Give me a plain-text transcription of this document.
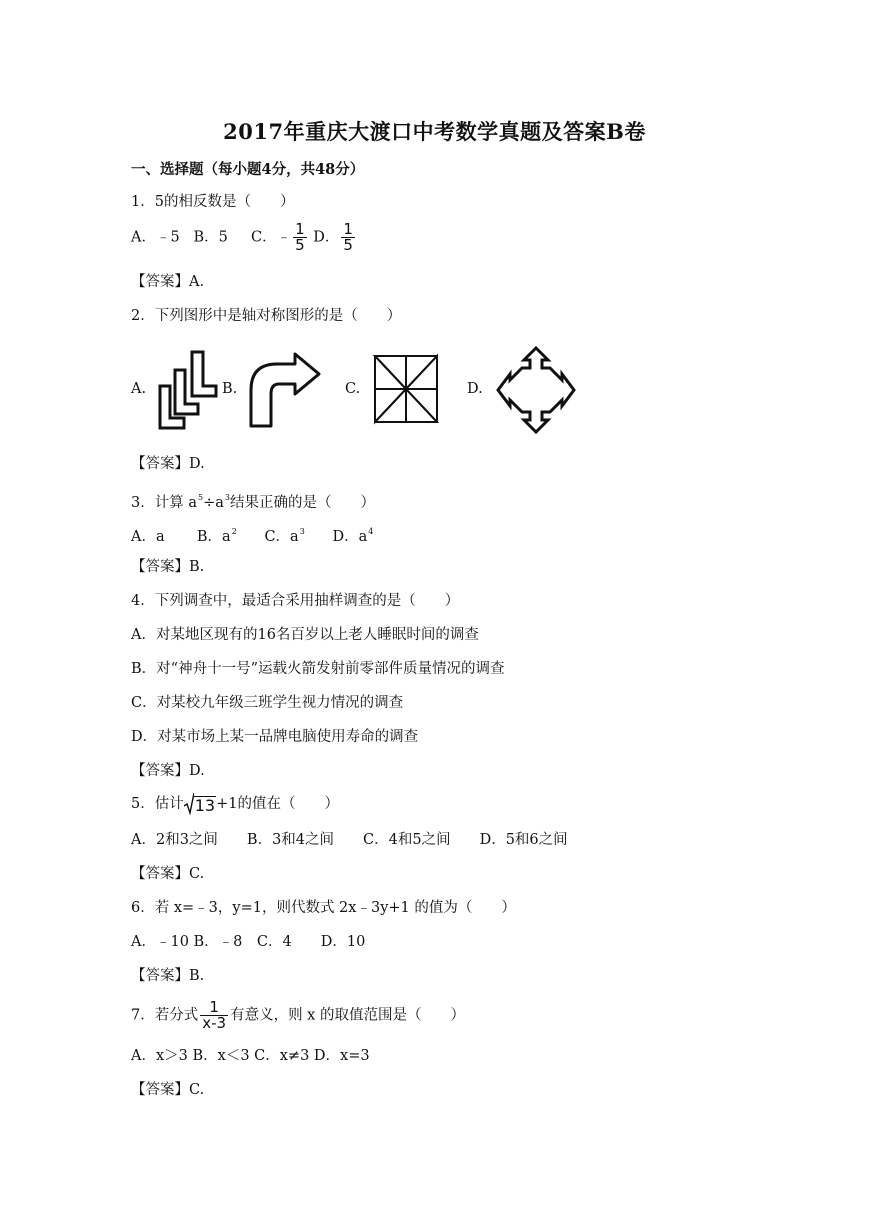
2017年重庆大渡口中考数学真题及答案B卷
一、选择题（每小题4分，共48分）
1．5的相反数是（　　）
A．﹣5 B．5 C．﹣ $\frac{1}{5}$ D． $\frac{1}{5}$
【答案】A.
2．下列图形中是轴对称图形的是（　　）
A.	B.	C.	D.
【答案】D.
3．计算 $a^5\div a^3$结果正确的是（　　）
A．a B．$a^2$ C．$a^3$ D．$a^4$
【答案】B.
4．下列调查中，最适合采用抽样调查的是（　　）
A．对某地区现有的16名百岁以上老人睡眠时间的调查
B．对“神舟十一号”运载火箭发射前零部件质量情况的调查
C．对某校九年级三班学生视力情况的调查
D．对某市场上某一品牌电脑使用寿命的调查
【答案】D.
5．估计 13 +1的值在（　　）
A．2和3之间　　B．3和4之间　　C．4和5之间　　D．5和6之间
【答案】C.
6．若 x=﹣3，y=1，则代数式 2x﹣3y+1 的值为（　　）
A．﹣10 B．﹣8　C．4　　D．10
【答案】B.
7．若分式 $\frac{1}{x-3}$ 有意义，则 x 的取值范围是（　　）
A．x＞3 B．x＜3 C．x≠3 D．x=3
【答案】C.
